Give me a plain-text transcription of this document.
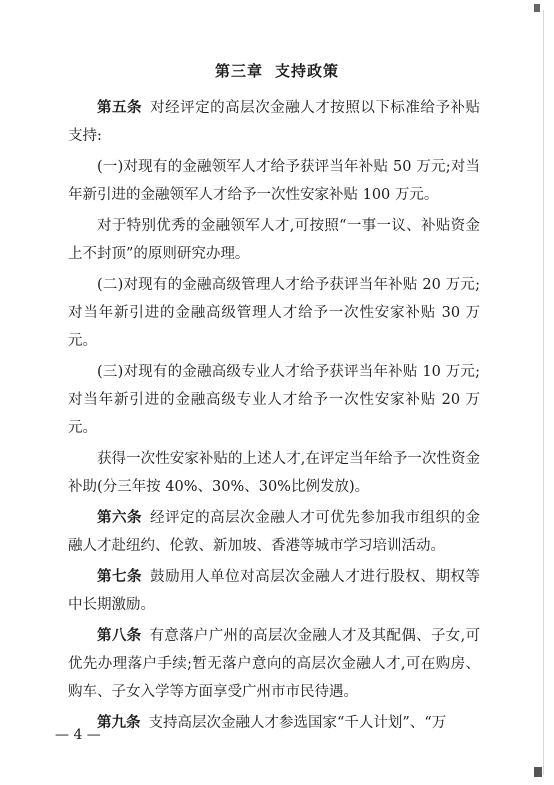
第三章 支持政策

第五条 对经评定的高层次金融人才按照以下标准给予补贴支持:

(一)对现有的金融领军人才给予获评当年补贴 50 万元;对当年新引进的金融领军人才给予一次性安家补贴 100 万元。

对于特别优秀的金融领军人才,可按照“一事一议、补贴资金上不封顶”的原则研究办理。

(二)对现有的金融高级管理人才给予获评当年补贴 20 万元;对当年新引进的金融高级管理人才给予一次性安家补贴 30 万元。

(三)对现有的金融高级专业人才给予获评当年补贴 10 万元;对当年新引进的金融高级专业人才给予一次性安家补贴 20 万元。

获得一次性安家补贴的上述人才,在评定当年给予一次性资金补助(分三年按 40%、30%、30%比例发放)。

第六条 经评定的高层次金融人才可优先参加我市组织的金融人才赴纽约、伦敦、新加坡、香港等城市学习培训活动。

第七条 鼓励用人单位对高层次金融人才进行股权、期权等中长期激励。

第八条 有意落户广州的高层次金融人才及其配偶、子女,可优先办理落户手续;暂无落户意向的高层次金融人才,可在购房、购车、子女入学等方面享受广州市市民待遇。

第九条 支持高层次金融人才参选国家“千人计划”、“万

— 4 —
